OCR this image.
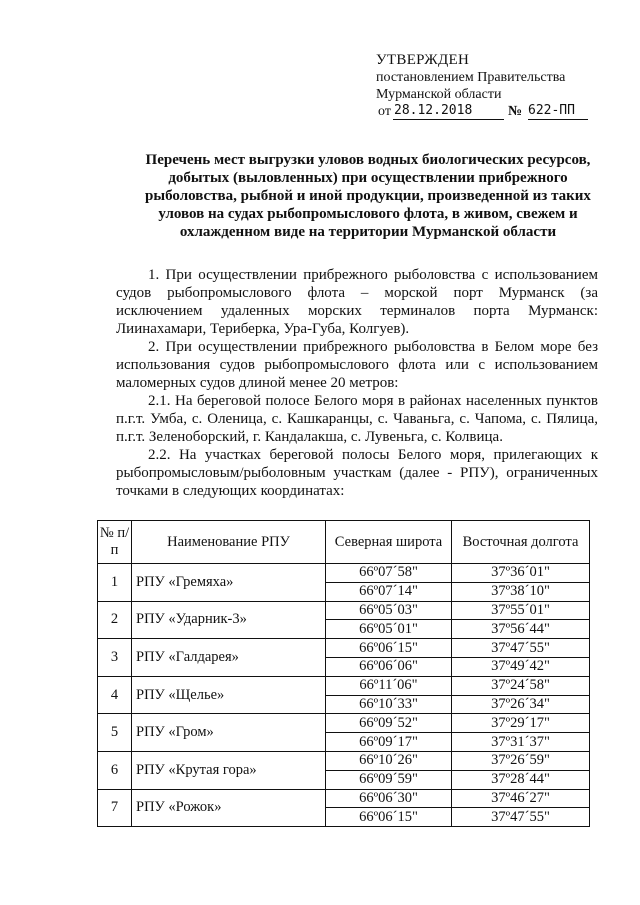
УТВЕРЖДЕН
постановлением Правительства
Мурманской области
от 28.12.2018	№ 622-ПП
Перечень мест выгрузки уловов водных биологических ресурсов, добытых (выловленных) при осуществлении прибрежного рыболовства, рыбной и иной продукции, произведенной из таких уловов на судах рыбопромыслового флота, в живом, свежем и охлажденном виде на территории Мурманской области

1. При осуществлении прибрежного рыболовства с использованием судов рыбопромыслового флота – морской порт Мурманск (за исключением удаленных морских терминалов порта Мурманск: Лиинахамари, Териберка, Ура-Губа, Колгуев).

2. При осуществлении прибрежного рыболовства в Белом море без использования судов рыбопромыслового флота или с использованием маломерных судов длиной менее 20 метров:

2.1. На береговой полосе Белого моря в районах населенных пунктов п.г.т. Умба, с. Оленица, с. Кашкаранцы, с. Чаваньга, с. Чапома, с. Пялица, п.г.т. Зеленоборский, г. Кандалакша, с. Лувеньга, с. Колвица.

2.2. На участках береговой полосы Белого моря, прилегающих к рыбопромысловым/рыболовным участкам (далее - РПУ), ограниченных точками в следующих координатах:

№ п/п	Наименование РПУ	Северная широта	Восточная долгота
1	РПУ «Гремяха»	66º07´58"	37º36´01"
		66º07´14"	37º38´10"
2	РПУ «Ударник-3»	66º05´03"	37º55´01"
		66º05´01"	37º56´44"
3	РПУ «Галдарея»	66º06´15"	37º47´55"
		66º06´06"	37º49´42"
4	РПУ «Щелье»	66º11´06"	37º24´58"
		66º10´33"	37º26´34"
5	РПУ «Гром»	66º09´52"	37º29´17"
		66º09´17"	37º31´37"
6	РПУ «Крутая гора»	66º10´26"	37º26´59"
		66º09´59"	37º28´44"
7	РПУ «Рожок»	66º06´30"	37º46´27"
		66º06´15"	37º47´55"
